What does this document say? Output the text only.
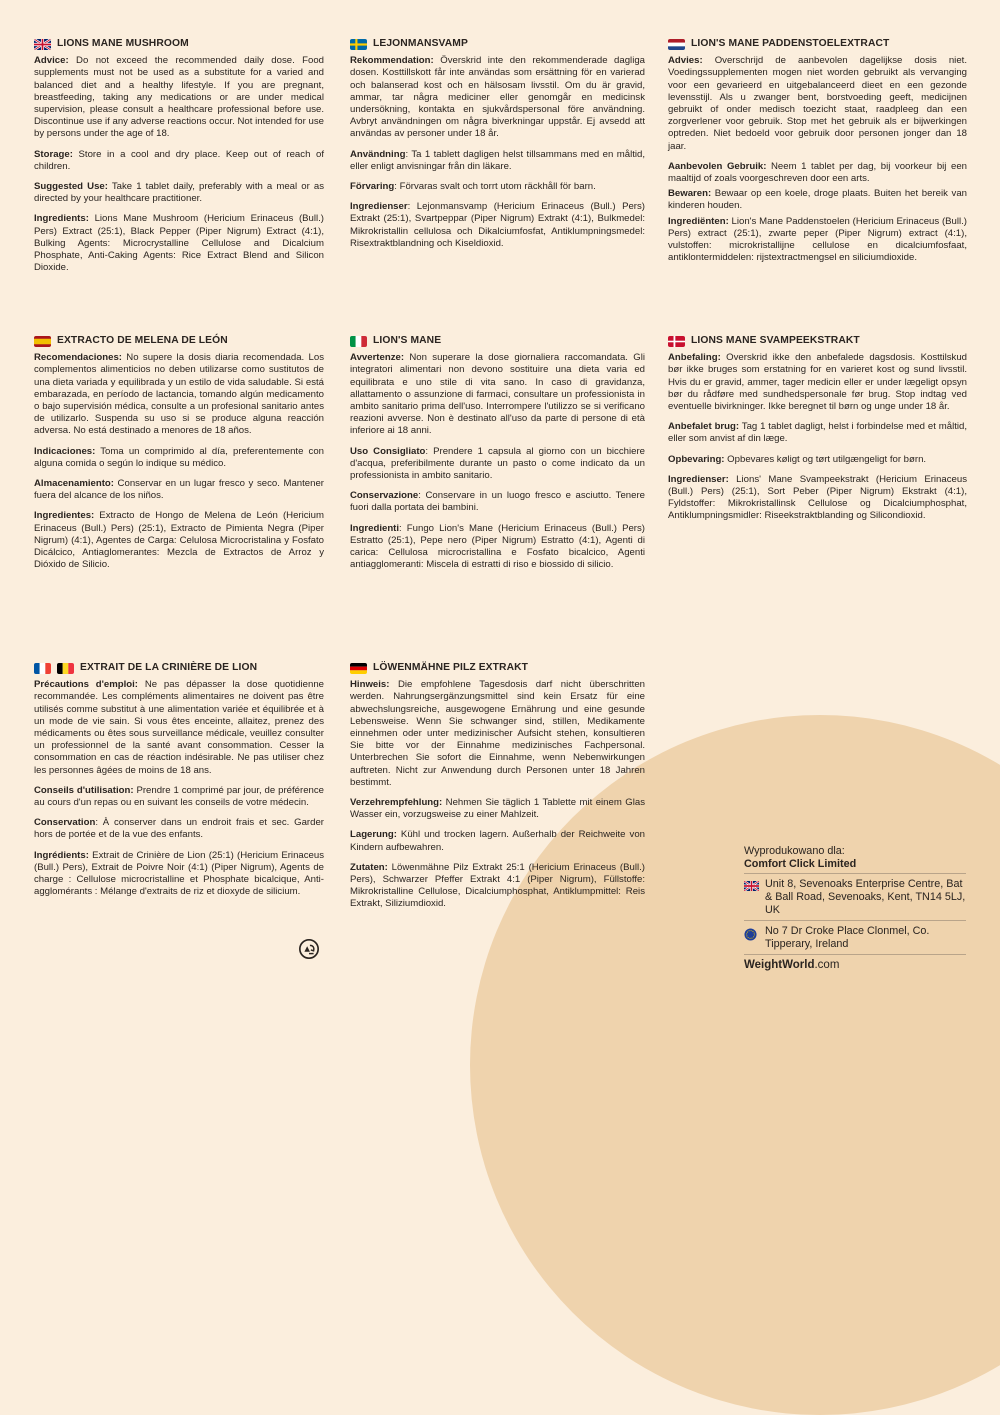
LIONS MANE MUSHROOM

Advice: Do not exceed the recommended daily dose. Food supplements must not be used as a substitute for a varied and balanced diet and a healthy lifestyle. If you are pregnant, breastfeeding, taking any medications or are under medical supervision, please consult a healthcare professional before use. Discontinue use if any adverse reactions occur. Not intended for use by persons under the age of 18.

Storage: Store in a cool and dry place. Keep out of reach of children.

Suggested Use: Take 1 tablet daily, preferably with a meal or as directed by your healthcare practitioner.

Ingredients: Lions Mane Mushroom (Hericium Erinaceus (Bull.) Pers) Extract (25:1), Black Pepper (Piper Nigrum) Extract (4:1), Bulking Agents: Microcrystalline Cellulose and Dicalcium Phosphate, Anti-Caking Agents: Rice Extract Blend and Silicon Dioxide.

LEJONMANSVAMP

Rekommendation: Överskrid inte den rekommenderade dagliga dosen. Kosttillskott får inte användas som ersättning för en varierad och balanserad kost och en hälsosam livsstil. Om du är gravid, ammar, tar några mediciner eller genomgår en medicinsk undersökning, kontakta en sjukvårdspersonal före användning. Avbryt användningen om några biverkningar uppstår. Ej avsedd att användas av personer under 18 år.

Användning: Ta 1 tablett dagligen helst tillsammans med en måltid, eller enligt anvisningar från din läkare.

Förvaring: Förvaras svalt och torrt utom räckhåll för barn.

Ingredienser: Lejonmansvamp (Hericium Erinaceus (Bull.) Pers) Extrakt (25:1), Svartpeppar (Piper Nigrum) Extrakt (4:1), Bulkmedel: Mikrokristallin cellulosa och Dikalciumfosfat, Antiklumpningsmedel: Risextraktblandning och Kiseldioxid.

LION'S MANE PADDENSTOELEXTRACT

Advies: Overschrijd de aanbevolen dagelijkse dosis niet. Voedingssupplementen mogen niet worden gebruikt als vervanging voor een gevarieerd en uitgebalanceerd dieet en een gezonde levensstijl. Als u zwanger bent, borstvoeding geeft, medicijnen gebruikt of onder medisch toezicht staat, raadpleeg dan een zorgverlener voor gebruik. Stop met het gebruik als er bijwerkingen optreden. Niet bedoeld voor gebruik door personen jonger dan 18 jaar.

Aanbevolen Gebruik: Neem 1 tablet per dag, bij voorkeur bij een maaltijd of zoals voorgeschreven door een arts.

Bewaren: Bewaar op een koele, droge plaats. Buiten het bereik van kinderen houden.

Ingrediënten: Lion's Mane Paddenstoelen (Hericium Erinaceus (Bull.) Pers) extract (25:1), zwarte peper (Piper Nigrum) extract (4:1), vulstoffen: microkristallijne cellulose en dicalciumfosfaat, antiklontermiddelen: rijstextractmengsel en siliciumdioxide.

EXTRACTO DE MELENA DE LEÓN

Recomendaciones: No supere la dosis diaria recomendada. Los complementos alimenticios no deben utilizarse como sustitutos de una dieta variada y equilibrada y un estilo de vida saludable. Si está embarazada, en período de lactancia, tomando algún medicamento o bajo supervisión médica, consulte a un profesional sanitario antes de utilizarlo. Suspenda su uso si se produce alguna reacción adversa. No está destinado a menores de 18 años.

Indicaciones: Toma un comprimido al día, preferentemente con alguna comida o según lo indique su médico.

Almacenamiento: Conservar en un lugar fresco y seco. Mantener fuera del alcance de los niños.

Ingredientes: Extracto de Hongo de Melena de León (Hericium Erinaceus (Bull.) Pers) (25:1), Extracto de Pimienta Negra (Piper Nigrum) (4:1), Agentes de Carga: Celulosa Microcristalina y Fosfato Dicálcico, Antiaglomerantes: Mezcla de Extractos de Arroz y Dióxido de Silicio.

LION'S MANE

Avvertenze: Non superare la dose giornaliera raccomandata. Gli integratori alimentari non devono sostituire una dieta varia ed equilibrata e uno stile di vita sano. In caso di gravidanza, allattamento o assunzione di farmaci, consultare un professionista in ambito sanitario prima dell'uso. Interrompere l'utilizzo se si verificano reazioni avverse. Non è destinato all'uso da parte di persone di età inferiore ai 18 anni.

Uso Consigliato: Prendere 1 capsula al giorno con un bicchiere d'acqua, preferibilmente durante un pasto o come indicato da un professionista in ambito sanitario.

Conservazione: Conservare in un luogo fresco e asciutto. Tenere fuori dalla portata dei bambini.

Ingredienti: Fungo Lion's Mane (Hericium Erinaceus (Bull.) Pers) Estratto (25:1), Pepe nero (Piper Nigrum) Estratto (4:1), Agenti di carica: Cellulosa microcristallina e Fosfato bicalcico, Agenti antiagglomeranti: Miscela di estratti di riso e biossido di silicio.

LIONS MANE SVAMPEEKSTRAKT

Anbefaling: Overskrid ikke den anbefalede dagsdosis. Kosttilskud bør ikke bruges som erstatning for en varieret kost og sund livsstil. Hvis du er gravid, ammer, tager medicin eller er under lægeligt opsyn bør du rådføre med sundhedspersonale før brug. Stop indtag ved eventuelle bivirkninger. Ikke beregnet til børn og unge under 18 år.

Anbefalet brug: Tag 1 tablet dagligt, helst i forbindelse med et måltid, eller som anvist af din læge.

Opbevaring: Opbevares køligt og tørt utilgængeligt for børn.

Ingredienser: Lions' Mane Svampeekstrakt (Hericium Erinaceus (Bull.) Pers) (25:1), Sort Peber (Piper Nigrum) Ekstrakt (4:1), Fyldstoffer: Mikrokristallinsk Cellulose og Dicalciumphosphat, Antiklumpningsmidler: Riseekstraktblanding og Silicondioxid.

EXTRAIT DE LA CRINIÈRE DE LION

Précautions d'emploi: Ne pas dépasser la dose quotidienne recommandée. Les compléments alimentaires ne doivent pas être utilisés comme substitut à une alimentation variée et équilibrée et à un mode de vie sain. Si vous êtes enceinte, allaitez, prenez des médicaments ou êtes sous surveillance médicale, veuillez consulter un professionnel de la santé avant consommation. Cesser la consommation en cas de réaction indésirable. Ne pas utiliser chez les personnes âgées de moins de 18 ans.

Conseils d'utilisation: Prendre 1 comprimé par jour, de préférence au cours d'un repas ou en suivant les conseils de votre médecin.

Conservation: À conserver dans un endroit frais et sec. Garder hors de portée et de la vue des enfants.

Ingrédients: Extrait de Crinière de Lion (25:1) (Hericium Erinaceus (Bull.) Pers), Extrait de Poivre Noir (4:1) (Piper Nigrum), Agents de charge : Cellulose microcristalline et Phosphate bicalcique, Anti-agglomérants : Mélange d'extraits de riz et dioxyde de silicium.

LÖWENMÄHNE PILZ EXTRAKT

Hinweis: Die empfohlene Tagesdosis darf nicht überschritten werden. Nahrungsergänzungsmittel sind kein Ersatz für eine abwechslungsreiche, ausgewogene Ernährung und eine gesunde Lebensweise. Wenn Sie schwanger sind, stillen, Medikamente einnehmen oder unter medizinischer Aufsicht stehen, konsultieren Sie bitte vor der Einnahme medizinisches Fachpersonal. Unterbrechen Sie sofort die Einnahme, wenn Nebenwirkungen auftreten. Nicht zur Anwendung durch Personen unter 18 Jahren bestimmt.

Verzehrempfehlung: Nehmen Sie täglich 1 Tablette mit einem Glas Wasser ein, vorzugsweise zu einer Mahlzeit.

Lagerung: Kühl und trocken lagern. Außerhalb der Reichweite von Kindern aufbewahren.

Zutaten: Löwenmähne Pilz Extrakt 25:1 (Hericium Erinaceus (Bull.) Pers), Schwarzer Pfeffer Extrakt 4:1 (Piper Nigrum), Füllstoffe: Mikrokristalline Cellulose, Dicalciumphosphat, Antiklumpmittel: Reis Extrakt, Siliziumdioxid.

Wyprodukowano dla:
Comfort Click Limited
Unit 8, Sevenoaks Enterprise Centre, Bat & Ball Road, Sevenoaks, Kent, TN14 5LJ, UK
No 7 Dr Croke Place Clonmel, Co. Tipperary, Ireland
WeightWorld.com
